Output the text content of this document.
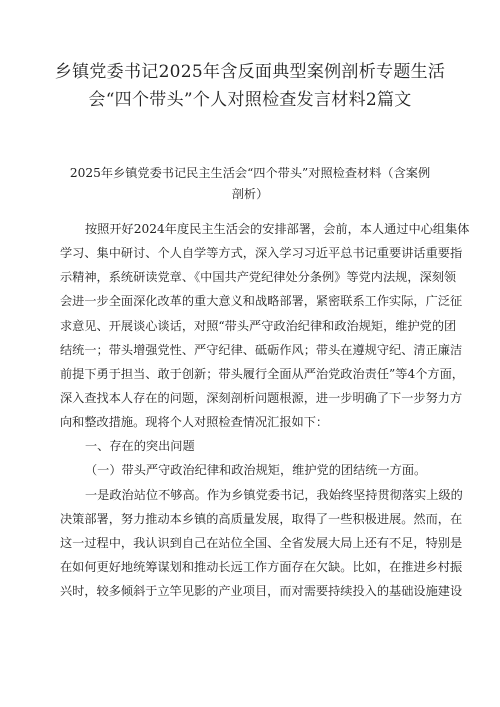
乡镇党委书记2025年含反面典型案例剖析专题生活
会“四个带头”个人对照检查发言材料2篇文
2025年乡镇党委书记民主生活会“四个带头”对照检查材料（含案例
剖析）
按照开好2024年度民主生活会的安排部署，会前，本人通过中心组集体
学习、集中研讨、个人自学等方式，深入学习习近平总书记重要讲话重要指
示精神，系统研读党章、《中国共产党纪律处分条例》等党内法规，深刻领
会进一步全面深化改革的重大意义和战略部署，紧密联系工作实际，广泛征
求意见、开展谈心谈话，对照“带头严守政治纪律和政治规矩，维护党的团
结统一；带头增强党性、严守纪律、砥砺作风；带头在遵规守纪、清正廉洁
前提下勇于担当、敢于创新；带头履行全面从严治党政治责任”等4个方面，
深入查找本人存在的问题，深刻剖析问题根源，进一步明确了下一步努力方
向和整改措施。现将个人对照检查情况汇报如下：
一、存在的突出问题
（一）带头严守政治纪律和政治规矩，维护党的团结统一方面。
一是政治站位不够高。作为乡镇党委书记，我始终坚持贯彻落实上级的
决策部署，努力推动本乡镇的高质量发展，取得了一些积极进展。然而，在
这一过程中，我认识到自己在站位全国、全省发展大局上还有不足，特别是
在如何更好地统筹谋划和推动长远工作方面存在欠缺。比如，在推进乡村振
兴时，较多倾斜于立竿见影的产业项目，而对需要持续投入的基础设施建设
